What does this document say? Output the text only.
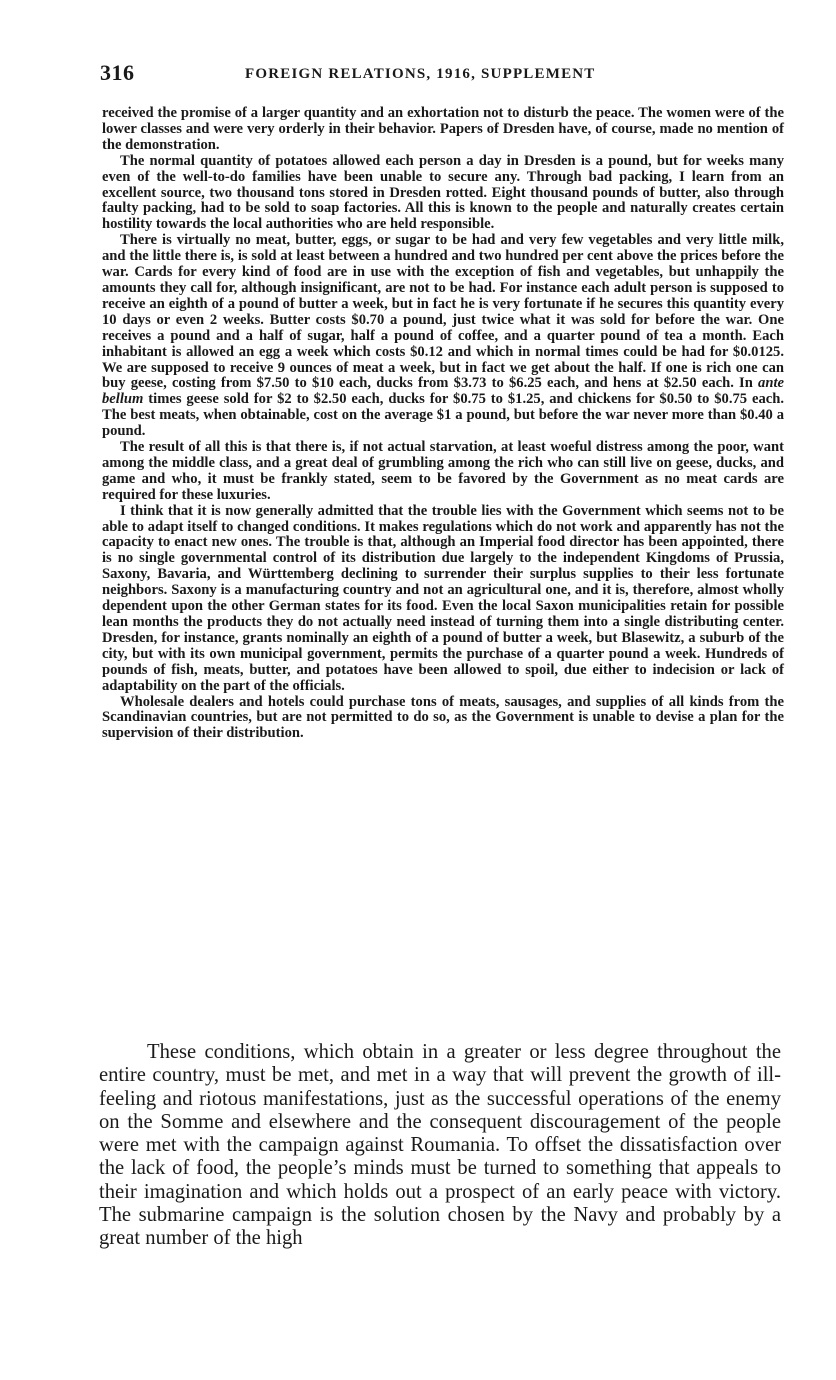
316	FOREIGN RELATIONS, 1916, SUPPLEMENT

received the promise of a larger quantity and an exhortation not to disturb the peace. The women were of the lower classes and were very orderly in their behavior. Papers of Dresden have, of course, made no mention of the demonstration.

The normal quantity of potatoes allowed each person a day in Dresden is a pound, but for weeks many even of the well-to-do families have been unable to secure any. Through bad packing, I learn from an excellent source, two thousand tons stored in Dresden rotted. Eight thousand pounds of butter, also through faulty packing, had to be sold to soap factories. All this is known to the people and naturally creates certain hostility towards the local authorities who are held responsible.

There is virtually no meat, butter, eggs, or sugar to be had and very few vegetables and very little milk, and the little there is, is sold at least between a hundred and two hundred per cent above the prices before the war. Cards for every kind of food are in use with the exception of fish and vegetables, but unhappily the amounts they call for, although insignificant, are not to be had. For instance each adult person is supposed to receive an eighth of a pound of butter a week, but in fact he is very fortunate if he secures this quantity every 10 days or even 2 weeks. Butter costs $0.70 a pound, just twice what it was sold for before the war. One receives a pound and a half of sugar, half a pound of coffee, and a quarter pound of tea a month. Each inhabitant is allowed an egg a week which costs $0.12 and which in normal times could be had for $0.0125. We are supposed to receive 9 ounces of meat a week, but in fact we get about the half. If one is rich one can buy geese, costing from $7.50 to $10 each, ducks from $3.73 to $6.25 each, and hens at $2.50 each. In ante bellum times geese sold for $2 to $2.50 each, ducks for $0.75 to $1.25, and chickens for $0.50 to $0.75 each. The best meats, when obtainable, cost on the average $1 a pound, but before the war never more than $0.40 a pound.

The result of all this is that there is, if not actual starvation, at least woeful distress among the poor, want among the middle class, and a great deal of grumbling among the rich who can still live on geese, ducks, and game and who, it must be frankly stated, seem to be favored by the Government as no meat cards are required for these luxuries.

I think that it is now generally admitted that the trouble lies with the Government which seems not to be able to adapt itself to changed conditions. It makes regulations which do not work and apparently has not the capacity to enact new ones. The trouble is that, although an Imperial food director has been appointed, there is no single governmental control of its distribution due largely to the independent Kingdoms of Prussia, Saxony, Bavaria, and Württemberg declining to surrender their surplus supplies to their less fortunate neighbors. Saxony is a manufacturing country and not an agricultural one, and it is, therefore, almost wholly dependent upon the other German states for its food. Even the local Saxon municipalities retain for possible lean months the products they do not actually need instead of turning them into a single distributing center. Dresden, for instance, grants nominally an eighth of a pound of butter a week, but Blasewitz, a suburb of the city, but with its own municipal government, permits the purchase of a quarter pound a week. Hundreds of pounds of fish, meats, butter, and potatoes have been allowed to spoil, due either to indecision or lack of adaptability on the part of the officials.

Wholesale dealers and hotels could purchase tons of meats, sausages, and supplies of all kinds from the Scandinavian countries, but are not permitted to do so, as the Government is unable to devise a plan for the supervision of their distribution.

These conditions, which obtain in a greater or less degree throughout the entire country, must be met, and met in a way that will prevent the growth of ill-feeling and riotous manifestations, just as the successful operations of the enemy on the Somme and elsewhere and the consequent discouragement of the people were met with the campaign against Roumania. To offset the dissatisfaction over the lack of food, the people’s minds must be turned to something that appeals to their imagination and which holds out a prospect of an early peace with victory. The submarine campaign is the solution chosen by the Navy and probably by a great number of the high
